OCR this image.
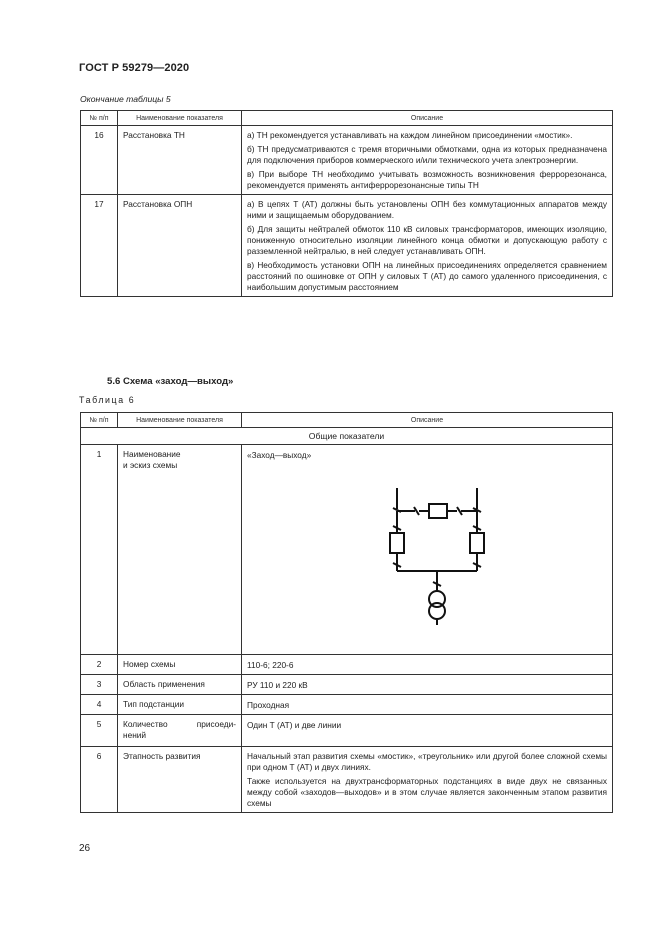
ГОСТ Р 59279—2020
Окончание таблицы 5
№ п/п	Наименование показателя	Описание
16	Расстановка ТН	а) ТН рекомендуется устанавливать на каждом линейном присоединении «мостик».

б) ТН предусматриваются с тремя вторичными обмотками, одна из которых предназначена для подключения приборов коммерческого и/или технического учета электроэнергии.

в) При выборе ТН необходимо учитывать возможность возникновения феррорезонанса, рекомендуется применять антиферрорезонансные типы ТН

17	Расстановка ОПН	а) В цепях Т (АТ) должны быть установлены ОПН без коммутационных аппаратов между ними и защищаемым оборудованием.

б) Для защиты нейтралей обмоток 110 кВ силовых трансформаторов, имеющих изоляцию, пониженную относительно изоляции линейного конца обмотки и допускающую работу с разземленной нейтралью, в ней следует устанавливать ОПН.

в) Необходимость установки ОПН на линейных присоединениях определяется сравнением расстояний по ошиновке от ОПН у силовых Т (АТ) до самого удаленного присоединения, с наибольшим допустимым расстоянием

5.6 Схема «заход—выход»
Таблица 6
№ п/п	Наименование показателя	Описание
Общие показатели		
1	Наименование
и эскиз схемы	«Заход—выход»

2	Номер схемы	110-6; 220-6
3	Область применения	РУ 110 и 220 кВ
4	Тип подстанции	Проходная
5	Количество присоеди-
нений	Один Т (АТ) и две линии
6	Этапность развития	Начальный этап развития схемы «мостик», «треугольник» или другой более сложной схемы при одном Т (АТ) и двух линиях.

Также используется на двухтрансформаторных подстанциях в виде двух не связанных между собой «заходов—выходов» и в этом случае является законченным этапом развития схемы

26
